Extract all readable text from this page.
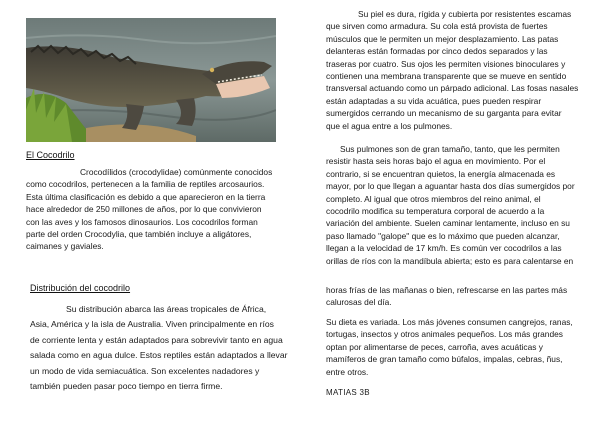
El Cocodrilo

Crocodílidos (crocodylidae) comúnmente conocidos
como cocodrilos, pertenecen a la familia de reptiles arcosaurios.
Esta última clasificación es debido a que aparecieron en la tierra
hace alrededor de 250 millones de años, por lo que convivieron
con las aves y los famosos dinosaurios. Los cocodrilos forman
parte del orden Crocodylia, que también incluye a aligátores,
caimanes y gaviales.

Distribución del cocodrilo

Su distribución abarca las áreas tropicales de África,
Asia, América y la isla de Australia. Viven principalmente en ríos
de corriente lenta y están adaptados para sobrevivir tanto en agua
salada como en agua dulce. Estos reptiles están adaptados a llevar
un modo de vida semiacuática. Son excelentes nadadores y
también pueden pasar poco tiempo en tierra firme.

Su piel es dura, rígida y cubierta por resistentes escamas
que sirven como armadura. Su cola está provista de fuertes
músculos que le permiten un mejor desplazamiento. Las patas
delanteras están formadas por cinco dedos separados y las
traseras por cuatro. Sus ojos les permiten visiones binoculares y
contienen una membrana transparente que se mueve en sentido
transversal actuando como un párpado adicional. Las fosas nasales
están adaptadas a su vida acuática, pues pueden respirar
sumergidos cerrando un mecanismo de su garganta para evitar
que el agua entre a los pulmones.

Sus pulmones son de gran tamaño, tanto, que les permiten
resistir hasta seis horas bajo el agua en movimiento. Por el
contrario, si se encuentran quietos, la energía almacenada es
mayor, por lo que llegan a aguantar hasta dos días sumergidos por
completo. Al igual que otros miembros del reino animal, el
cocodrilo modifica su temperatura corporal de acuerdo a la
variación del ambiente. Suelen caminar lentamente, incluso en su
paso llamado "galope" que es lo máximo que pueden alcanzar,
llegan a la velocidad de 17 km/h. Es común ver cocodrilos a las
orillas de ríos con la mandíbula abierta; esto es para calentarse en

horas frías de las mañanas o bien, refrescarse en las partes más
calurosas del día.

Su dieta es variada. Los más jóvenes consumen cangrejos, ranas,
tortugas, insectos y otros animales pequeños. Los más grandes
optan por alimentarse de peces, carroña, aves acuáticas y
mamíferos de gran tamaño como búfalos, impalas, cebras, ñus,
entre otros.

MATIAS 3B
